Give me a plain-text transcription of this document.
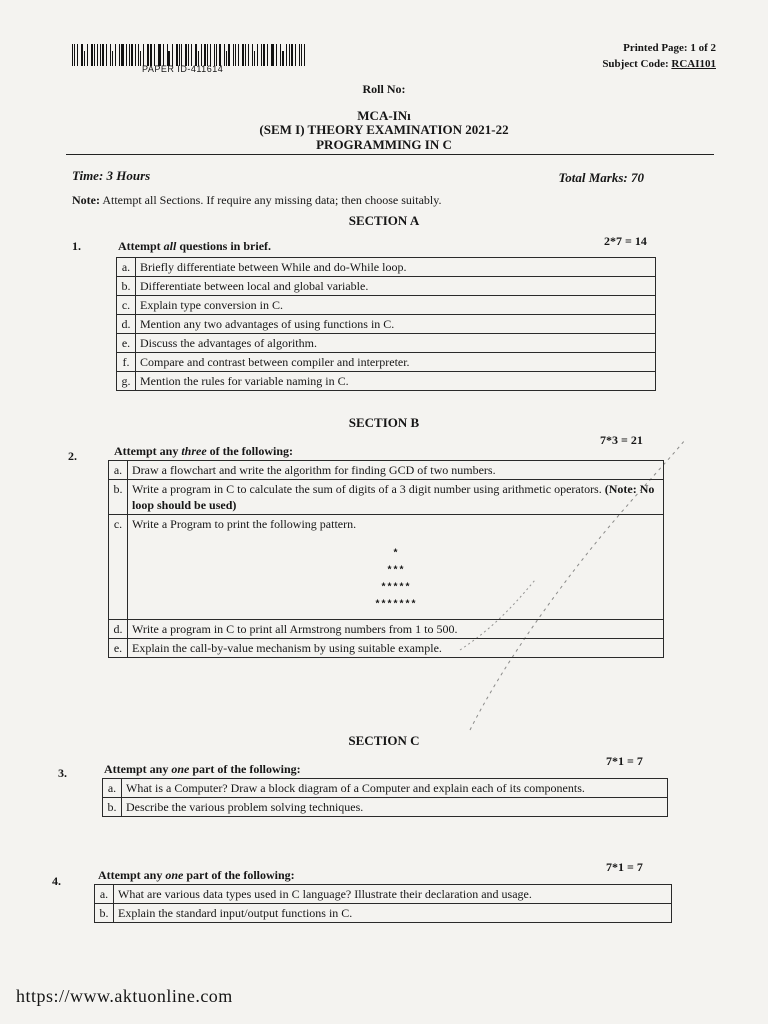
PAPER ID-411614
Printed Page: 1 of 2
Subject Code: RCAI101
Roll No:
MCA-INı
(SEM I) THEORY EXAMINATION 2021-22
PROGRAMMING IN C
Time: 3 Hours	Total Marks: 70
Note: Attempt all Sections. If require any missing data; then choose suitably.
SECTION A
1.	Attempt all questions in brief.	2*7 = 14
a.	Briefly differentiate between While and do-While loop.
b.	Differentiate between local and global variable.
c.	Explain type conversion in C.
d.	Mention any two advantages of using functions in C.
e.	Discuss the advantages of algorithm.
f.	Compare and contrast between compiler and interpreter.
g.	Mention the rules for variable naming in C.
SECTION B
2.	Attempt any three of the following:
7*3 = 21
a.	Draw a flowchart and write the algorithm for finding GCD of two numbers.
b.	Write a program in C to calculate the sum of digits of a 3 digit number using arithmetic operators. (Note: No loop should be used)
c.	Write a Program to print the following pattern.
*
***
*****
*******

d.	Write a program in C to print all Armstrong numbers from 1 to 500.
e.	Explain the call-by-value mechanism by using suitable example.
SECTION C
3.	Attempt any one part of the following:
7*1 = 7
a.	What is a Computer? Draw a block diagram of a Computer and explain each of its components.
b.	Describe the various problem solving techniques.
4.	Attempt any one part of the following:
7*1 = 7
a.	What are various data types used in C language? Illustrate their declaration and usage.
b.	Explain the standard input/output functions in C.
https://www.aktuonline.com
